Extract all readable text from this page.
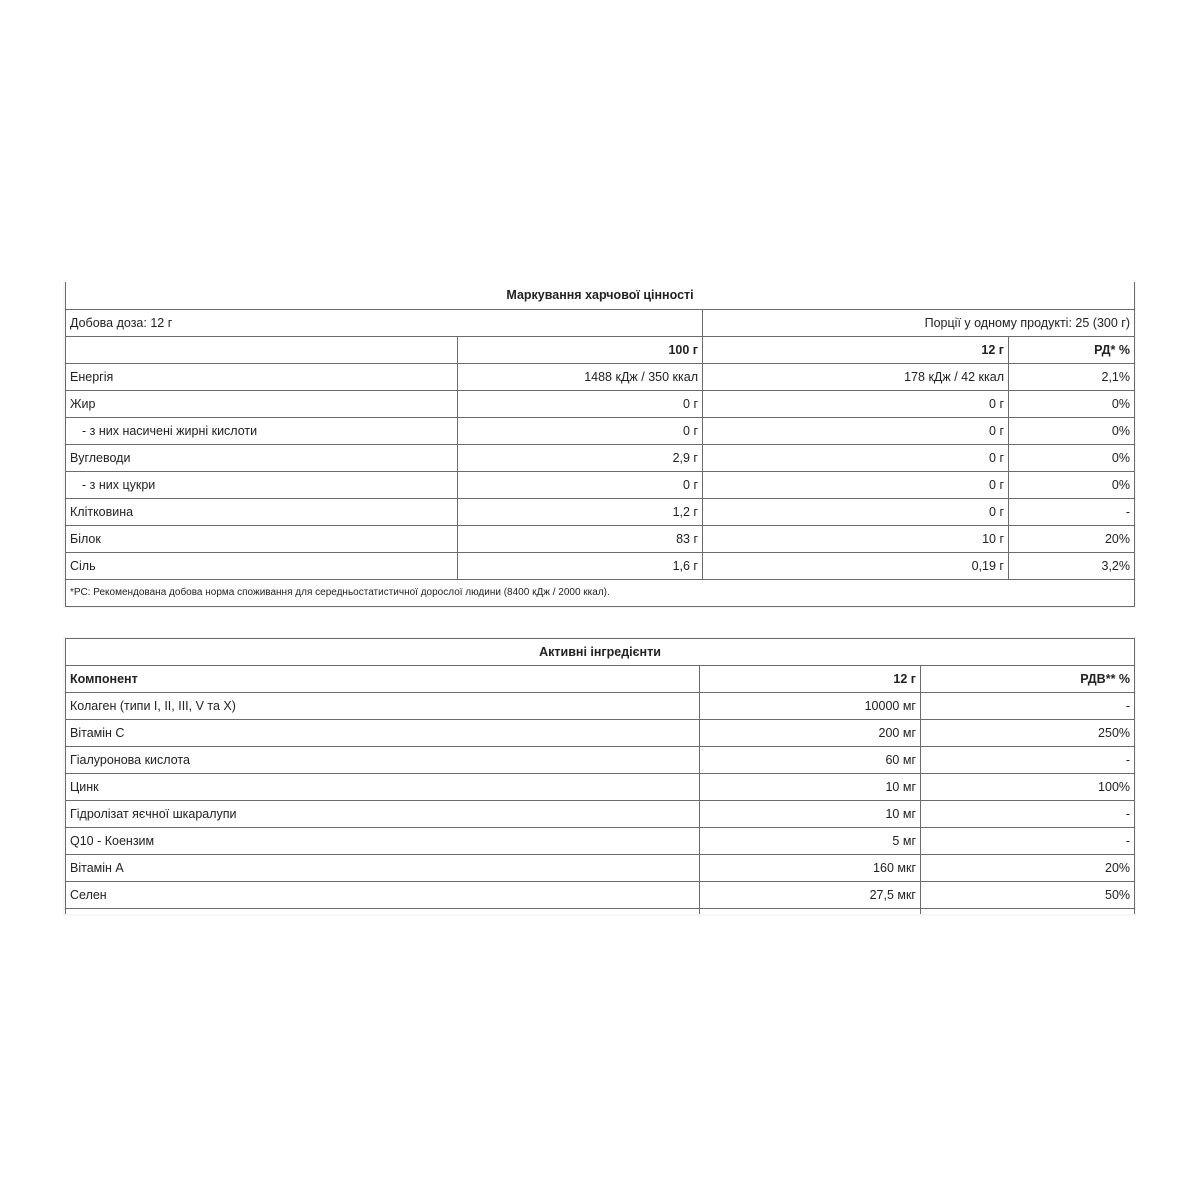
Маркування харчової цінності			
Добова доза: 12 г		Порції у одному продукті: 25 (300 г)	
	100 г	12 г	РД* %
Енергія	1488 кДж / 350 ккал	178 кДж / 42 ккал	2,1%
Жир	0 г	0 г	0%
- з них насичені жирні кислоти	0 г	0 г	0%
Вуглеводи	2,9 г	0 г	0%
- з них цукри	0 г	0 г	0%
Клітковина	1,2 г	0 г	-
Білок	83 г	10 г	20%
Сіль	1,6 г	0,19 г	3,2%
*РС: Рекомендована добова норма споживання для середньостатистичної дорослої людини (8400 кДж / 2000 ккал).			
Активні інгредієнти		
Компонент	12 г	РДВ** %
Колаген (типи I, II, III, V та X)	10000 мг	-
Вітамін С	200 мг	250%
Гіалуронова кислота	60 мг	-
Цинк	10 мг	100%
Гідролізат яєчної шкаралупи	10 мг	-
Q10 - Коензим	5 мг	-
Вітамін А	160 мкг	20%
Селен	27,5 мкг	50%
